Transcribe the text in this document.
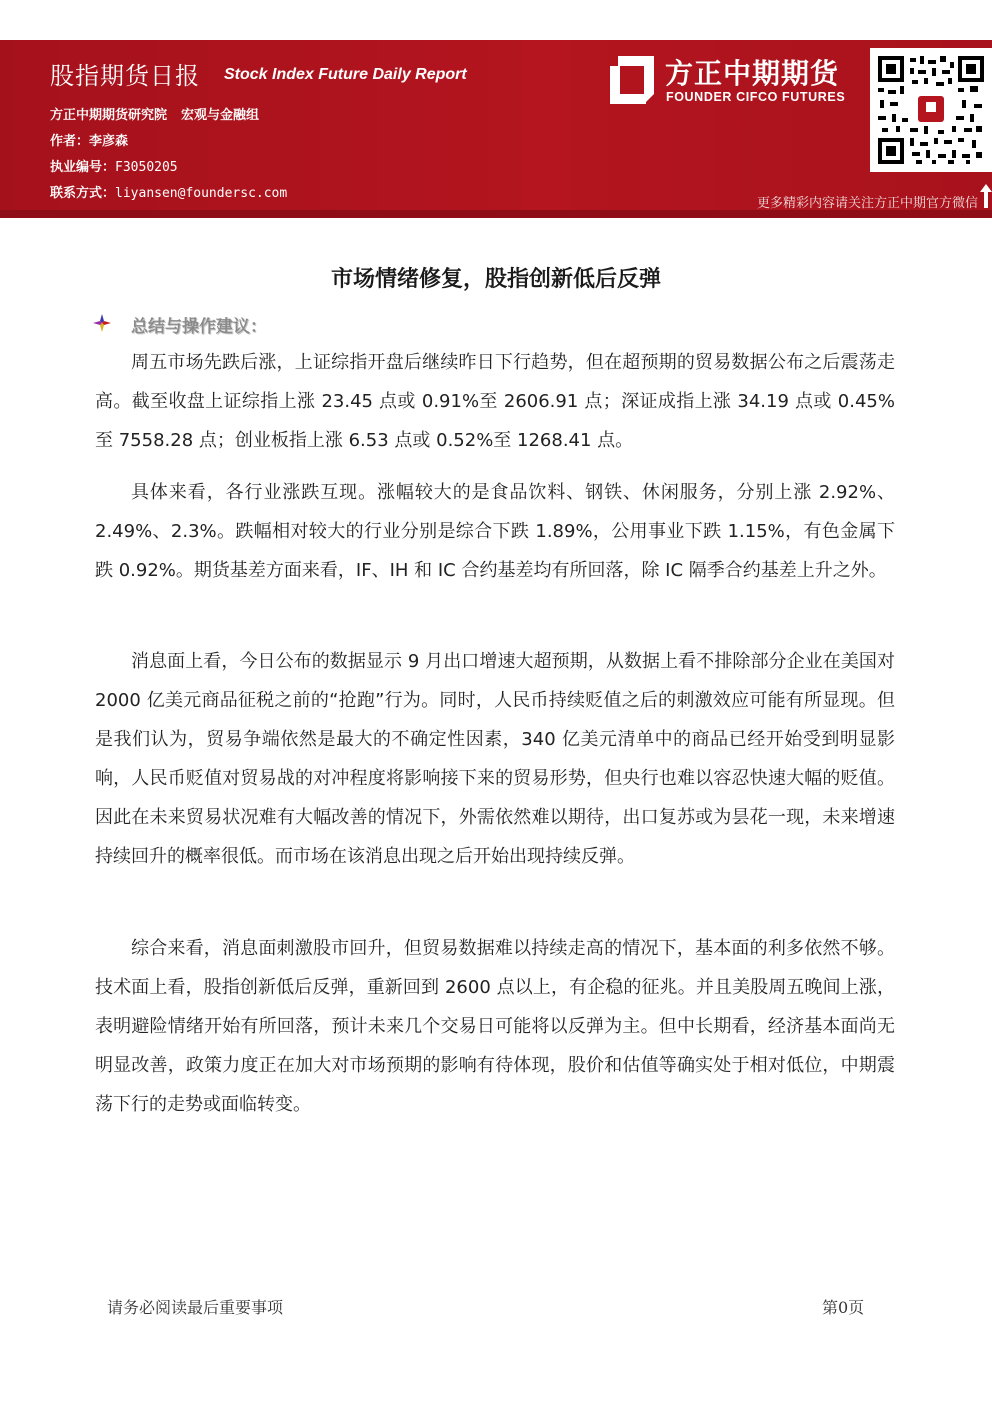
股指期货日报 Stock Index Future Daily Report
方正中期期货研究院 宏观与金融组
作者：李彦森
执业编号：F3050205
联系方式：liyansen@foundersc.com
方正中期期货
FOUNDER CIFCO FUTURES
更多精彩内容请关注方正中期官方微信
市场情绪修复，股指创新低后反弹
总结与操作建议：

周五市场先跌后涨，上证综指开盘后继续昨日下行趋势，但在超预期的贸易数据公布之后震荡走高。截至收盘上证综指上涨 23.45 点或 0.91%至 2606.91 点；深证成指上涨 34.19 点或 0.45%至 7558.28 点；创业板指上涨 6.53 点或 0.52%至 1268.41 点。

具体来看，各行业涨跌互现。涨幅较大的是食品饮料、钢铁、休闲服务，分别上涨 2.92%、2.49%、2.3%。跌幅相对较大的行业分别是综合下跌 1.89%，公用事业下跌 1.15%，有色金属下跌 0.92%。期货基差方面来看，IF、IH 和 IC 合约基差均有所回落，除 IC 隔季合约基差上升之外。

消息面上看，今日公布的数据显示 9 月出口增速大超预期，从数据上看不排除部分企业在美国对 2000 亿美元商品征税之前的“抢跑”行为。同时，人民币持续贬值之后的刺激效应可能有所显现。但是我们认为，贸易争端依然是最大的不确定性因素，340 亿美元清单中的商品已经开始受到明显影响，人民币贬值对贸易战的对冲程度将影响接下来的贸易形势，但央行也难以容忍快速大幅的贬值。因此在未来贸易状况难有大幅改善的情况下，外需依然难以期待，出口复苏或为昙花一现，未来增速持续回升的概率很低。而市场在该消息出现之后开始出现持续反弹。

综合来看，消息面刺激股市回升，但贸易数据难以持续走高的情况下，基本面的利多依然不够。技术面上看，股指创新低后反弹，重新回到 2600 点以上，有企稳的征兆。并且美股周五晚间上涨，表明避险情绪开始有所回落，预计未来几个交易日可能将以反弹为主。但中长期看，经济基本面尚无明显改善，政策力度正在加大对市场预期的影响有待体现，股价和估值等确实处于相对低位，中期震荡下行的走势或面临转变。

请务必阅读最后重要事项	第0页
